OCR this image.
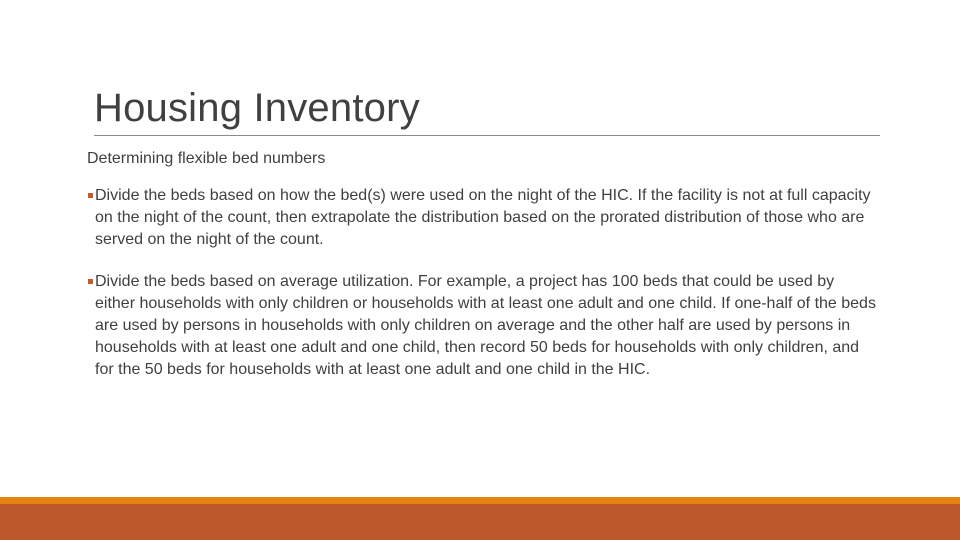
Housing Inventory
Determining flexible bed numbers
Divide the beds based on how the bed(s) were used on the night of the HIC. If the facility is not at full capacity on the night of the count, then extrapolate the distribution based on the prorated distribution of those who are served on the night of the count.
Divide the beds based on average utilization. For example, a project has 100 beds that could be used by either households with only children or households with at least one adult and one child. If one-half of the beds are used by persons in households with only children on average and the other half are used by persons in households with at least one adult and one child, then record 50 beds for households with only children, and for the 50 beds for households with at least one adult and one child in the HIC.
